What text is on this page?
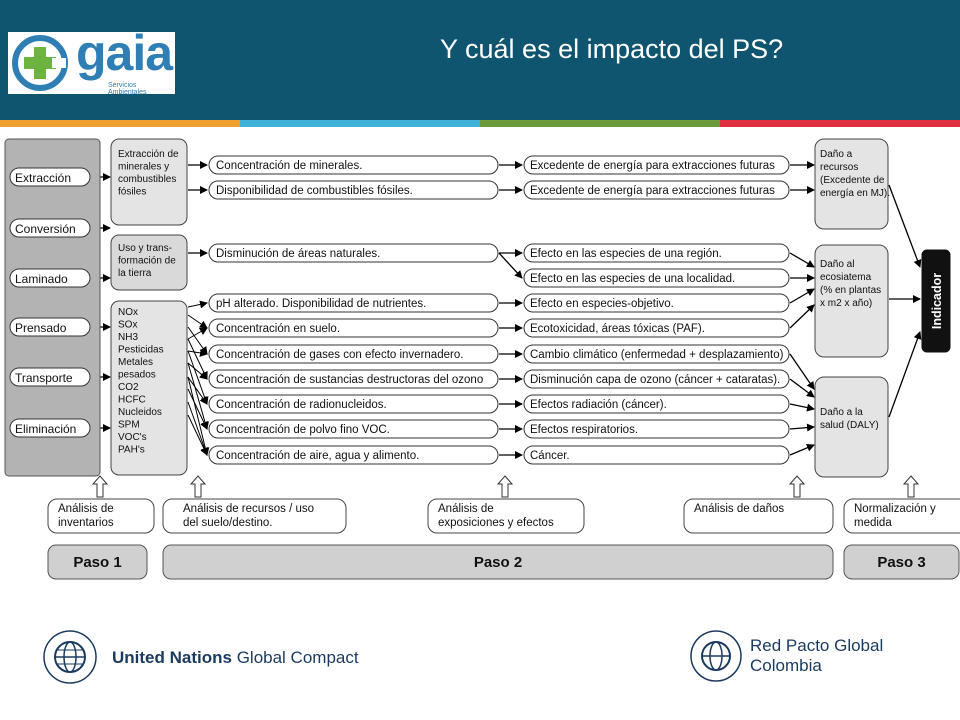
gaia
Servicios Ambientales
Y cuál es el impacto del PS?
Extracción
Conversión
Laminado
Prensado
Transporte
Eliminación
Extracción de
minerales y
combustibles
fósiles
Uso y trans-
formación de
la tierra
NOx
SOx
NH3
Pesticidas
Metales
pesados
CO2
HCFC
Nucleidos
SPM
VOC's
PAH's
Concentración de minerales.
Disponibilidad de combustibles fósiles.
Disminución de áreas naturales.
pH alterado. Disponibilidad de nutrientes.
Concentración en suelo.
Concentración de gases con efecto invernadero.
Concentración de sustancias destructoras del ozono
Concentración de radionucleidos.
Concentración de polvo fino VOC.
Concentración de aire, agua y alimento.
Excedente de energía para extracciones futuras
Excedente de energía para extracciones futuras
Efecto en las especies de una región.
Efecto en las especies de una localidad.
Efecto en especies-objetivo.
Ecotoxicidad, áreas tóxicas (PAF).
Cambio climático (enfermedad + desplazamiento)
Disminución capa de ozono (cáncer + cataratas).
Efectos radiación (cáncer).
Efectos respiratorios.
Cáncer.
Daño a
recursos
(Excedente de
energía en MJ).
Daño al
ecosiatema
(% en plantas
x m2 x año)
Daño a la
salud (DALY)
Indicador
Análisis de
inventarios
Análisis de recursos / uso
del suelo/destino.
Análisis de
exposiciones y efectos
Análisis de daños	Normalización y
medida
Paso 1	Paso 2	Paso 3
United Nations Global Compact
Red Pacto Global
Colombia
